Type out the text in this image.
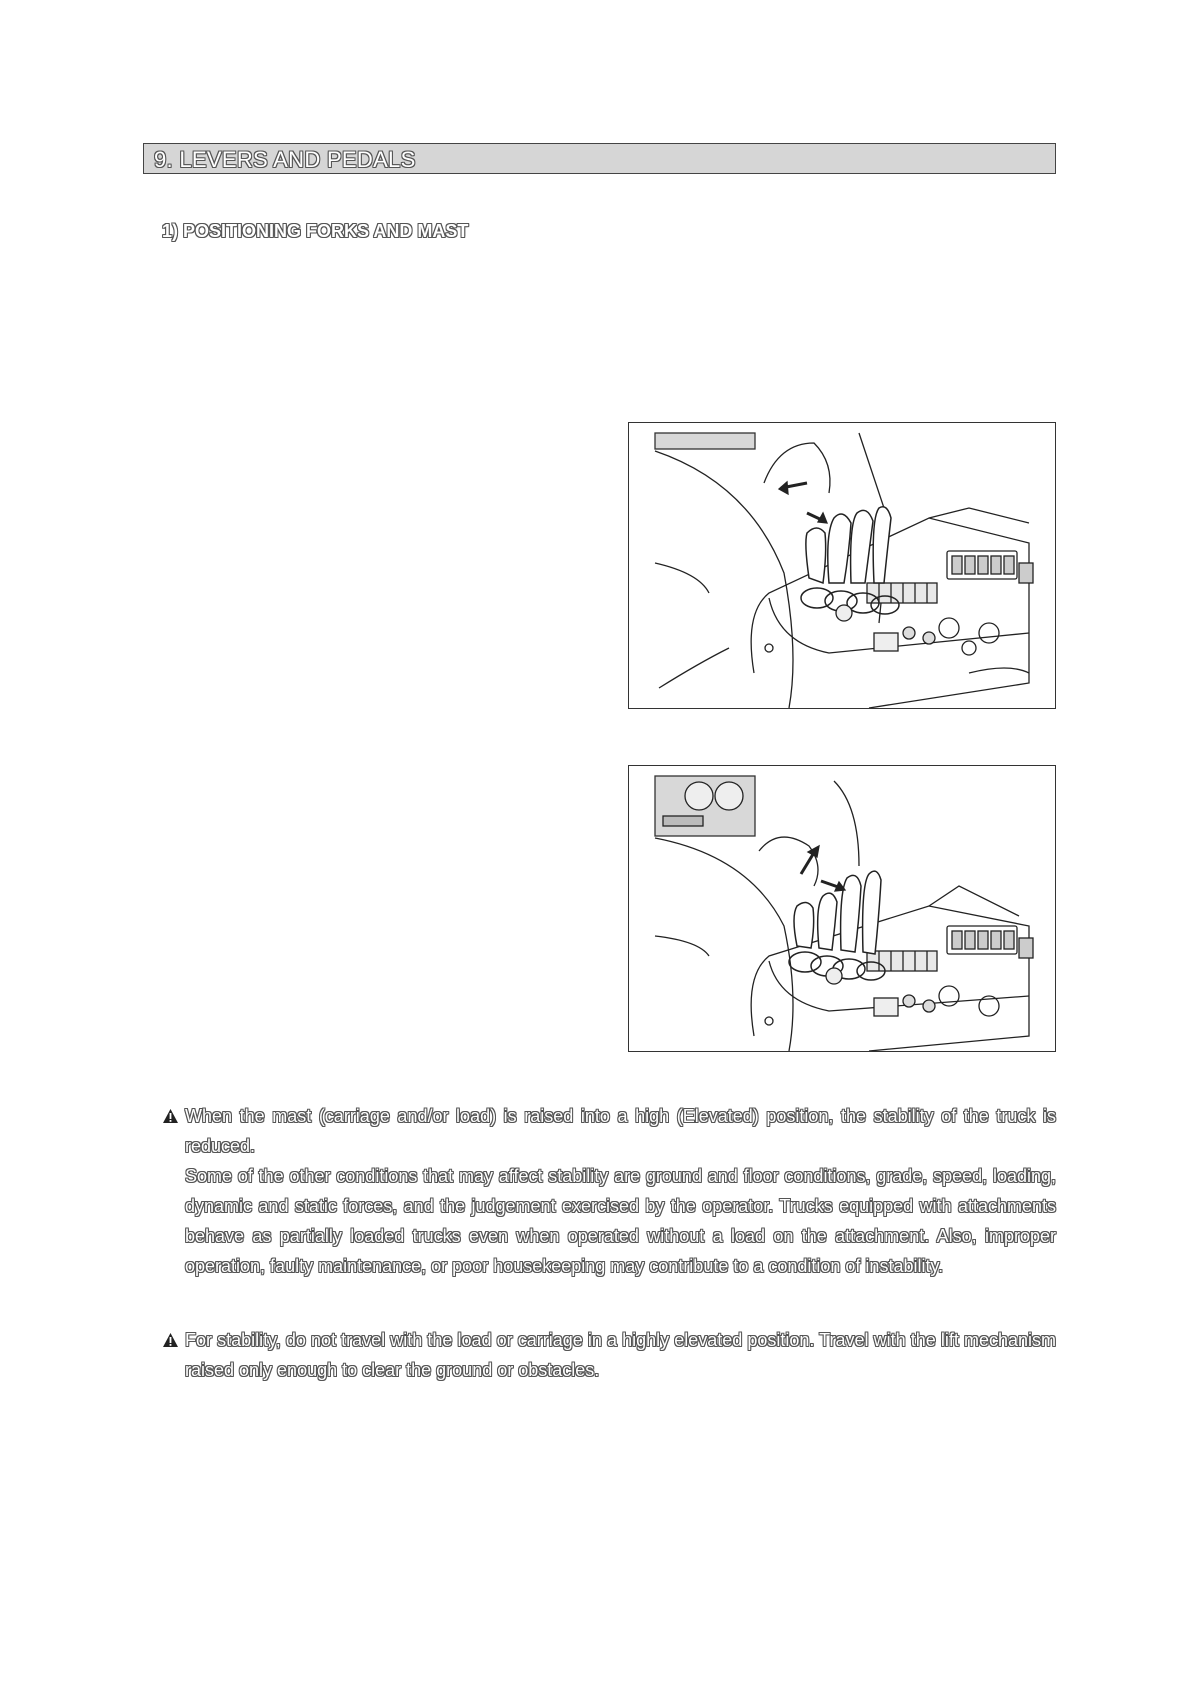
9. LEVERS AND PEDALS
1) POSITIONING FORKS AND MAST

When the mast (carriage and/or load) is raised into a high (Elevated) position, the stability of the truck is reduced.

Some of the other conditions that may affect stability are ground and floor conditions, grade, speed, loading, dynamic and static forces, and the judgement exercised by the operator. Trucks equipped with attachments behave as partially loaded trucks even when operated without a load on the attachment. Also, improper operation, faulty maintenance, or poor housekeeping may contribute to a condition of instability.

For stability, do not travel with the load or carriage in a highly elevated position. Travel with the lift mechanism raised only enough to clear the ground or obstacles.
